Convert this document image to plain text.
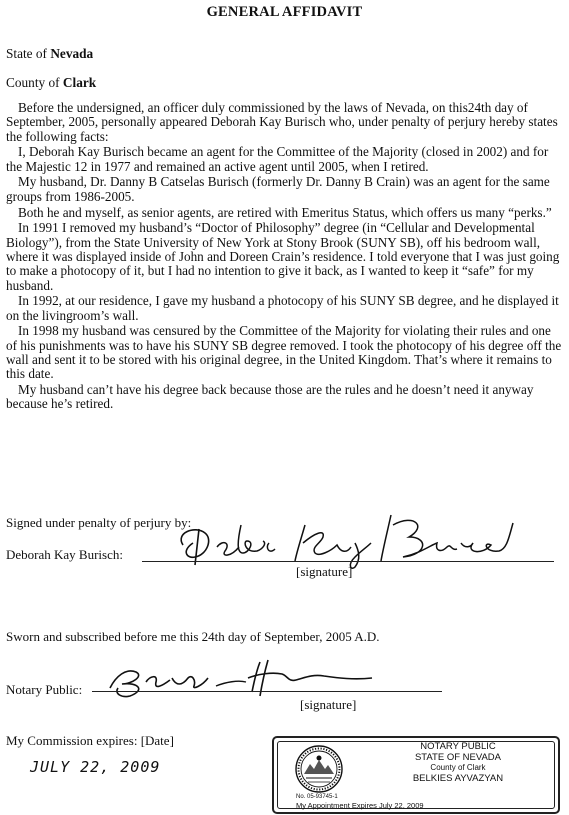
GENERAL AFFIDAVIT
State of Nevada
County of Clark

Before the undersigned, an officer duly commissioned by the laws of Nevada, on this24th day of September, 2005, personally appeared Deborah Kay Burisch who, under penalty of perjury hereby states the following facts:

I, Deborah Kay Burisch became an agent for the Committee of the Majority (closed in 2002) and for the Majestic 12 in 1977 and remained an active agent until 2005, when I retired.

My husband, Dr. Danny B Catselas Burisch (formerly Dr. Danny B Crain) was an agent for the same groups from 1986-2005.

Both he and myself, as senior agents, are retired with Emeritus Status, which offers us many “perks.”

In 1991 I removed my husband’s “Doctor of Philosophy” degree (in “Cellular and Developmental Biology”), from the State University of New York at Stony Brook (SUNY SB), off his bedroom wall, where it was displayed inside of John and Doreen Crain’s residence. I told everyone that I was just going to make a photocopy of it, but I had no intention to give it back, as I wanted to keep it “safe” for my husband.

In 1992, at our residence, I gave my husband a photocopy of his SUNY SB degree, and he displayed it on the livingroom’s wall.

In 1998 my husband was censured by the Committee of the Majority for violating their rules and one of his punishments was to have his SUNY SB degree removed. I took the photocopy of his degree off the wall and sent it to be stored with his original degree, in the United Kingdom. That’s where it remains to this date.

My husband can’t have his degree back because those are the rules and he doesn’t need it anyway because he’s retired.

Signed under penalty of perjury by:
Deborah Kay Burisch:
[signature]
Sworn and subscribed before me this 24th day of September, 2005 A.D.
Notary Public:
[signature]
My Commission expires: [Date]
JULY 22, 2009
NOTARY PUBLIC
STATE OF NEVADA
County of Clark
BELKIES AYVAZYAN
No. 05-93745-1
My Appointment Expires July 22, 2009
